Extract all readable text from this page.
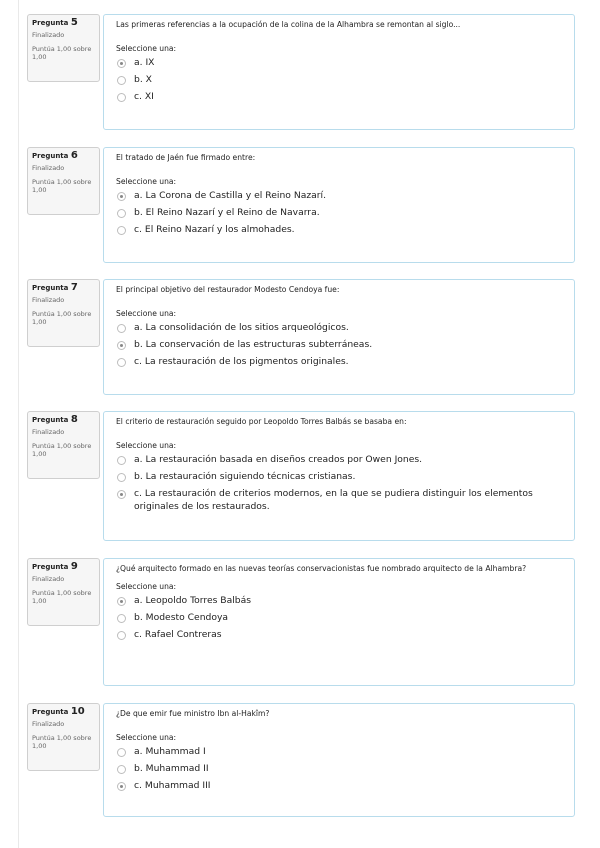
Pregunta 5
Finalizado
Puntúa 1,00 sobre 1,00
Las primeras referencias a la ocupación de la colina de la Alhambra se remontan al siglo...
Seleccione una:
a. IX
b. X
c. XI
Pregunta 6
Finalizado
Puntúa 1,00 sobre 1,00
El tratado de Jaén fue firmado entre:
Seleccione una:
a. La Corona de Castilla y el Reino Nazarí.
b. El Reino Nazarí y el Reino de Navarra.
c. El Reino Nazarí y los almohades.
Pregunta 7
Finalizado
Puntúa 1,00 sobre 1,00
El principal objetivo del restaurador Modesto Cendoya fue:
Seleccione una:
a. La consolidación de los sitios arqueológicos.
b. La conservación de las estructuras subterráneas.
c. La restauración de los pigmentos originales.
Pregunta 8
Finalizado
Puntúa 1,00 sobre 1,00
El criterio de restauración seguido por Leopoldo Torres Balbás se basaba en:
Seleccione una:
a. La restauración basada en diseños creados por Owen Jones.
b. La restauración siguiendo técnicas cristianas.
c. La restauración de criterios modernos, en la que se pudiera distinguir los elementos originales de los restaurados.
Pregunta 9
Finalizado
Puntúa 1,00 sobre 1,00
¿Qué arquitecto formado en las nuevas teorías conservacionistas fue nombrado arquitecto de la Alhambra?
Seleccione una:
a. Leopoldo Torres Balbás
b. Modesto Cendoya
c. Rafael Contreras
Pregunta 10
Finalizado
Puntúa 1,00 sobre 1,00
¿De que emir fue ministro Ibn al-Hakîm?
Seleccione una:
a. Muhammad I
b. Muhammad II
c. Muhammad III
